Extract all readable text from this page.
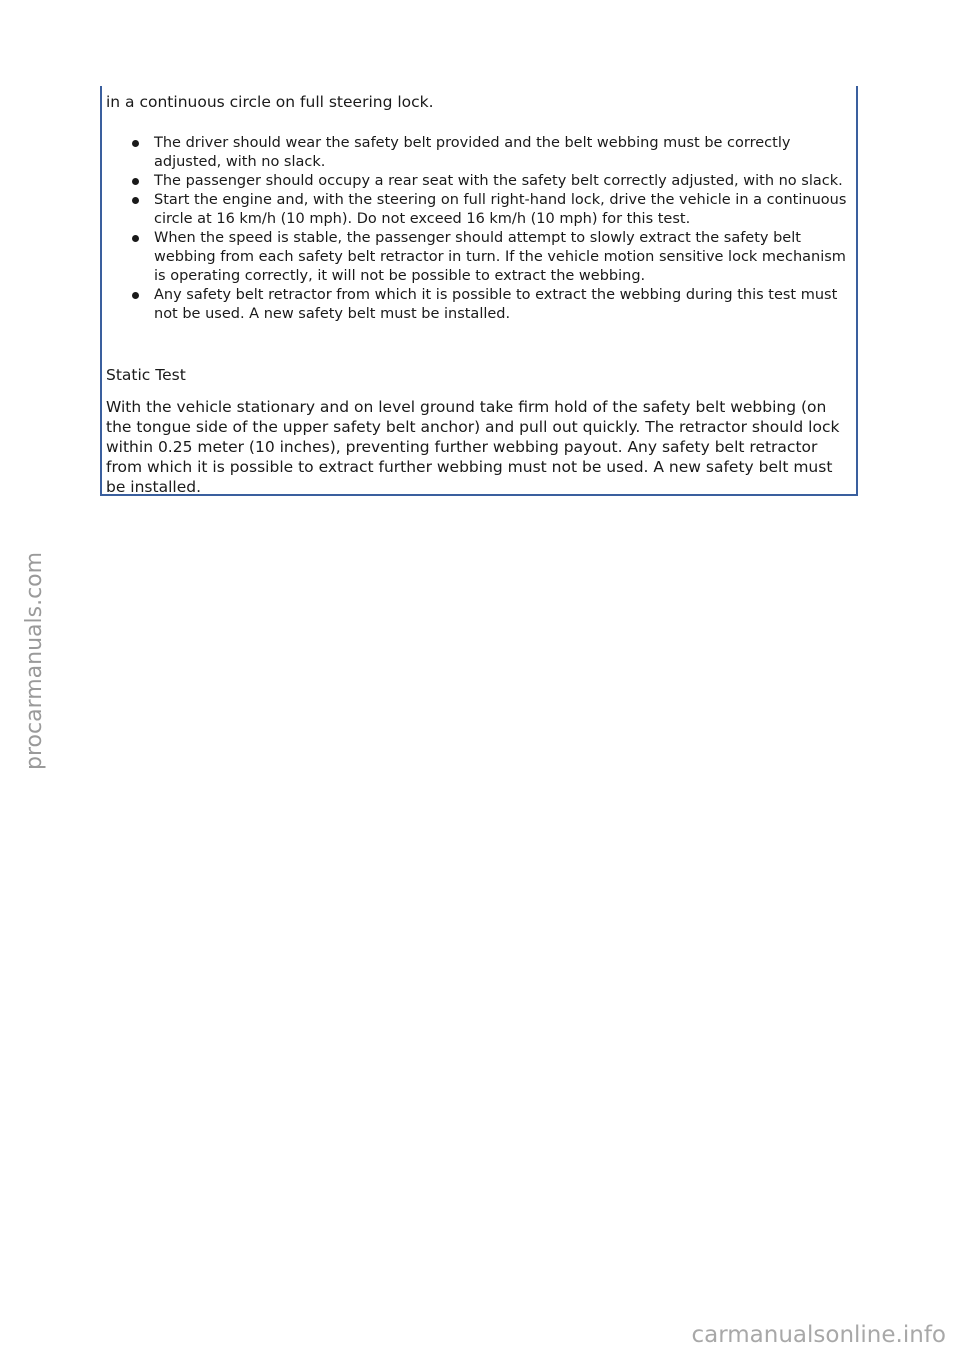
in a continuous circle on full steering lock.

The driver should wear the safety belt provided and the belt webbing must be correctly adjusted, with no slack.
The passenger should occupy a rear seat with the safety belt correctly adjusted, with no slack.
Start the engine and, with the steering on full right-hand lock, drive the vehicle in a continuous circle at 16 km/h (10 mph). Do not exceed 16 km/h (10 mph) for this test.
When the speed is stable, the passenger should attempt to slowly extract the safety belt webbing from each safety belt retractor in turn. If the vehicle motion sensitive lock mechanism is operating correctly, it will not be possible to extract the webbing.
Any safety belt retractor from which it is possible to extract the webbing during this test must not be used. A new safety belt must be installed.
Static Test

With the vehicle stationary and on level ground take firm hold of the safety belt webbing (on the tongue side of the upper safety belt anchor) and pull out quickly. The retractor should lock within 0.25 meter (10 inches), preventing further webbing payout. Any safety belt retractor from which it is possible to extract further webbing must not be used. A new safety belt must be installed.

procarmanuals.com
carmanualsonline.info
